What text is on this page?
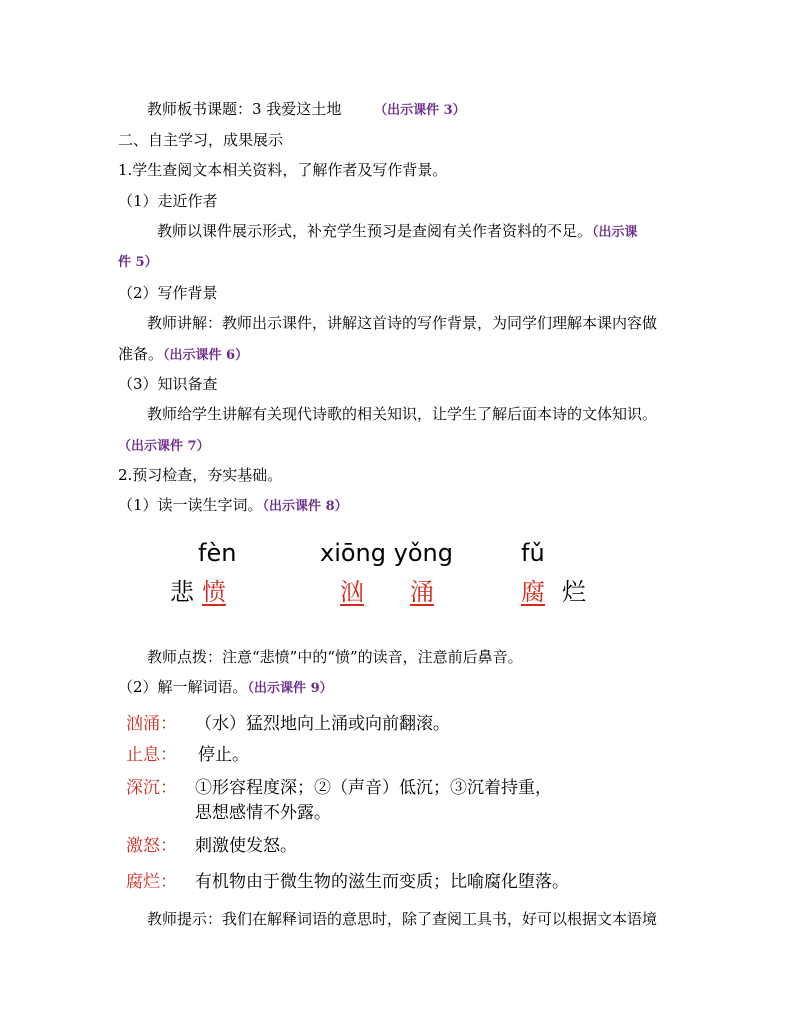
教师板书课题：3 我爱这土地	（出示课件 3）
二、自主学习，成果展示
1.学生查阅文本相关资料，了解作者及写作背景。
（1）走近作者
教师以课件展示形式，补充学生预习是查阅有关作者资料的不足。（出示课
件 5）
（2）写作背景
教师讲解：教师出示课件，讲解这首诗的写作背景，为同学们理解本课内容做
准备。（出示课件 6）
（3）知识备查
教师给学生讲解有关现代诗歌的相关知识，让学生了解后面本诗的文体知识。
（出示课件 7）
2.预习检查，夯实基础。
（1）读一读生字词。（出示课件 8）
fèn	xiōng yǒng	fǔ
悲 愤	汹 涌	腐 烂
教师点拨：注意“悲愤”中的“愤”的读音，注意前后鼻音。
（2）解一解词语。（出示课件 9）
汹涌： （水）猛烈地向上涌或向前翻滚。
止息： 停止。
深沉： ①形容程度深；②（声音）低沉；③沉着持重，
思想感情不外露。
激怒： 刺激使发怒。
腐烂： 有机物由于微生物的滋生而变质；比喻腐化堕落。
教师提示：我们在解释词语的意思时，除了查阅工具书，好可以根据文本语境
